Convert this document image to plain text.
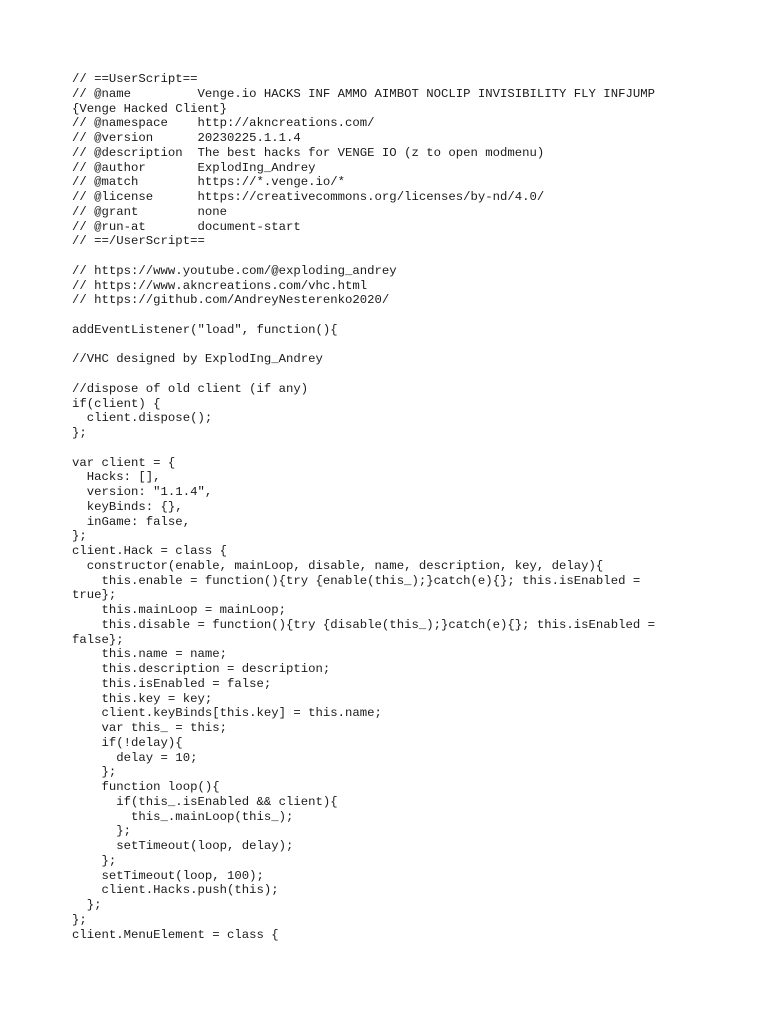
// ==UserScript==
// @name         Venge.io HACKS INF AMMO AIMBOT NOCLIP INVISIBILITY FLY INFJUMP
{Venge Hacked Client}
// @namespace    http://akncreations.com/
// @version      20230225.1.1.4
// @description  The best hacks for VENGE IO (z to open modmenu)
// @author       ExplodIng_Andrey
// @match        https://*.venge.io/*
// @license      https://creativecommons.org/licenses/by-nd/4.0/
// @grant        none
// @run-at       document-start
// ==/UserScript==
// https://www.youtube.com/@exploding_andrey
// https://www.akncreations.com/vhc.html
// https://github.com/AndreyNesterenko2020/
addEventListener("load", function(){
//VHC designed by ExplodIng_Andrey
//dispose of old client (if any)
if(client) {
client.dispose();
};
var client = {
Hacks: [],
version: "1.1.4",
keyBinds: {},
inGame: false,
};
client.Hack = class {
constructor(enable, mainLoop, disable, name, description, key, delay){
this.enable = function(){try {enable(this_);}catch(e){}; this.isEnabled =
true};
this.mainLoop = mainLoop;
this.disable = function(){try {disable(this_);}catch(e){}; this.isEnabled =
false};
this.name = name;
this.description = description;
this.isEnabled = false;
this.key = key;
client.keyBinds[this.key] = this.name;
var this_ = this;
if(!delay){
delay = 10;
};
function loop(){
if(this_.isEnabled && client){
this_.mainLoop(this_);
};
setTimeout(loop, delay);
};
setTimeout(loop, 100);
client.Hacks.push(this);
};
};
client.MenuElement = class {
